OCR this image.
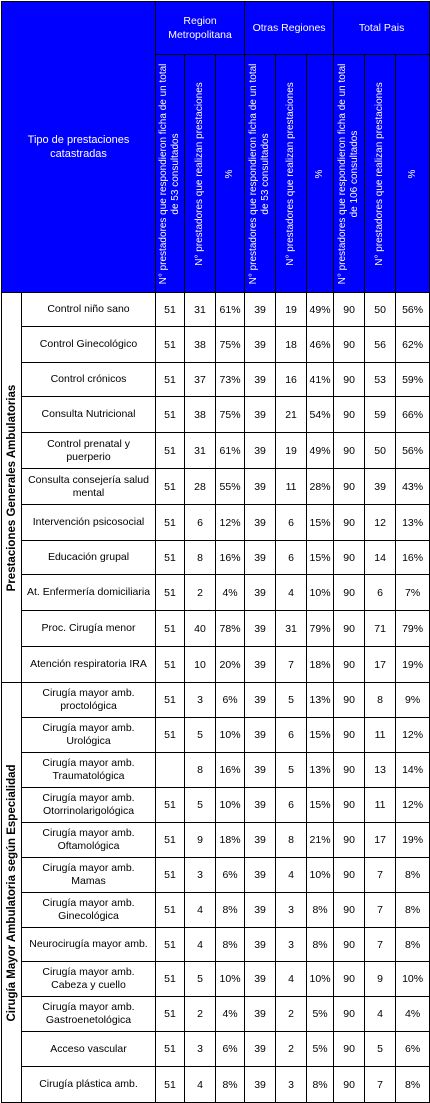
Tipo de prestaciones catastradas		Region Metropolitana			Otras Regiones			Total Pais		

		N° prestadores que respondieron ficha de un total de 53 consultados	N° prestadores que realizan prestaciones	%	N° prestadores que respondieron ficha de un total de 53 consultados	N° prestadores que realizan prestaciones	%	N° prestadores que respondieron ficha de un total de 106 consultados	N° prestadores que realizan prestaciones	%

Prestaciones Generales Ambulatorias	Control niño sano	51	31	61%	39	19	49%	90	50	56%
	Control Ginecológico	51	38	75%	39	18	46%	90	56	62%
	Control crónicos	51	37	73%	39	16	41%	90	53	59%
	Consulta Nutricional	51	38	75%	39	21	54%	90	59	66%
	Control prenatal y puerperio	51	31	61%	39	19	49%	90	50	56%
	Consulta consejería salud mental	51	28	55%	39	11	28%	90	39	43%
	Intervención psicosocial	51	6	12%	39	6	15%	90	12	13%
	Educación grupal	51	8	16%	39	6	15%	90	14	16%
	At. Enfermería domiciliaria	51	2	4%	39	4	10%	90	6	7%
	Proc. Cirugía menor	51	40	78%	39	31	79%	90	71	79%
	Atención respiratoria IRA	51	10	20%	39	7	18%	90	17	19%

Cirugía Mayor Ambulatoria según Especialidad	Cirugía mayor amb. proctológica	51	3	6%	39	5	13%	90	8	9%
	Cirugía mayor amb. Urológica	51	5	10%	39	6	15%	90	11	12%
	Cirugía mayor amb. Traumatológica		8	16%	39	5	13%	90	13	14%
	Cirugía mayor amb. Otorrinolarigológica	51	5	10%	39	6	15%	90	11	12%
	Cirugía mayor amb. Oftamológica	51	9	18%	39	8	21%	90	17	19%
	Cirugía mayor amb. Mamas	51	3	6%	39	4	10%	90	7	8%
	Cirugía mayor amb. Ginecológica	51	4	8%	39	3	8%	90	7	8%
	Neurocirugía mayor amb.	51	4	8%	39	3	8%	90	7	8%
	Cirugía mayor amb. Cabeza y cuello	51	5	10%	39	4	10%	90	9	10%
	Cirugía mayor amb. Gastroenetológica	51	2	4%	39	2	5%	90	4	4%
	Acceso vascular	51	3	6%	39	2	5%	90	5	6%
	Cirugía plástica amb.	51	4	8%	39	3	8%	90	7	8%
